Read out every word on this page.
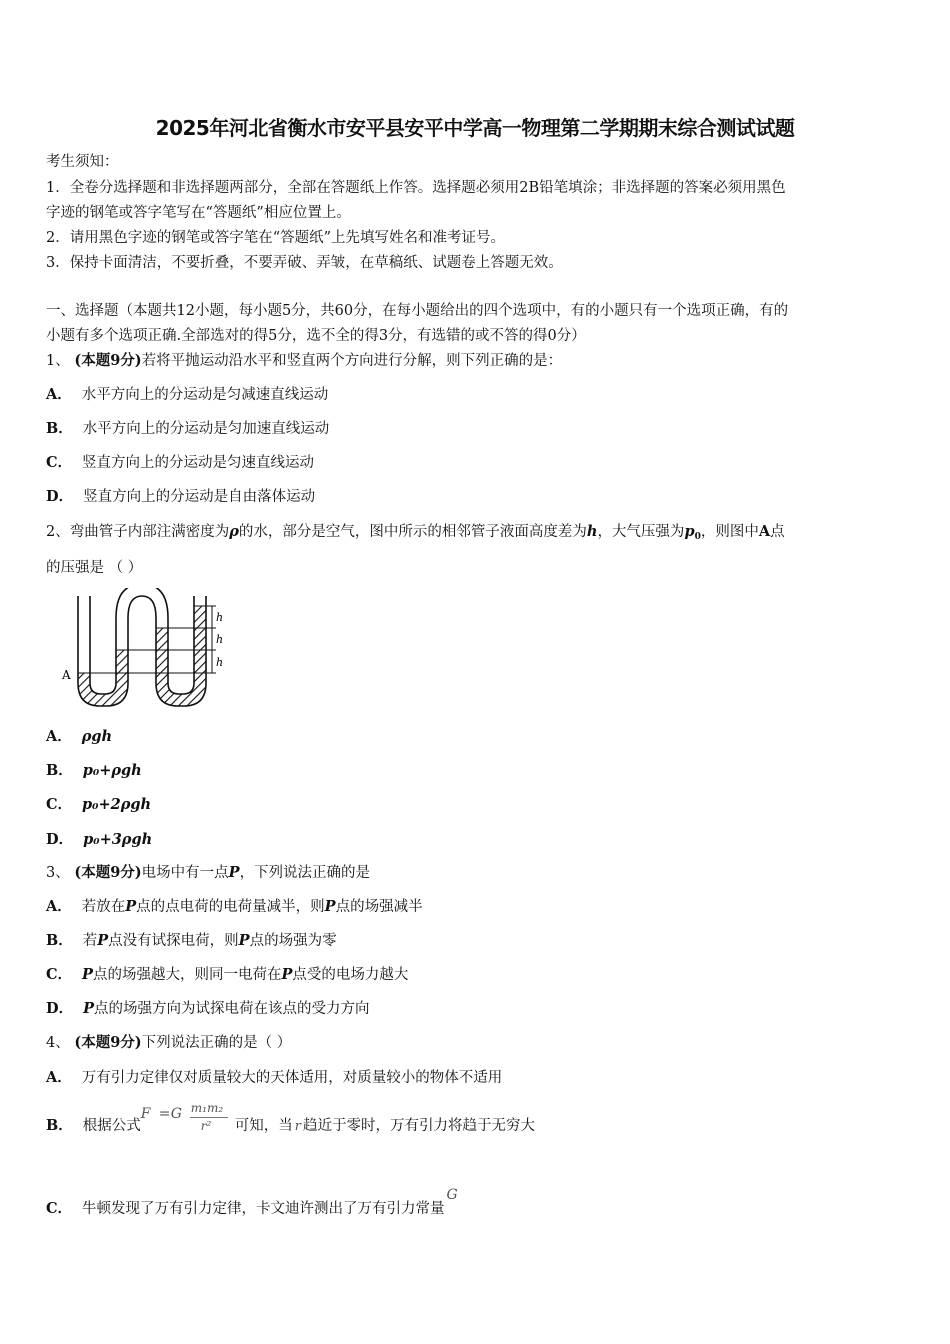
2025年河北省衡水市安平县安平中学高一物理第二学期期末综合测试试题
考生须知：
1．全卷分选择题和非选择题两部分，全部在答题纸上作答。选择题必须用2B铅笔填涂；非选择题的答案必须用黑色
字迹的钢笔或答字笔写在“答题纸”相应位置上。
2．请用黑色字迹的钢笔或答字笔在“答题纸”上先填写姓名和准考证号。
3．保持卡面清洁，不要折叠，不要弄破、弄皱，在草稿纸、试题卷上答题无效。
一、选择题（本题共12小题，每小题5分，共60分，在每小题给出的四个选项中，有的小题只有一个选项正确，有的
小题有多个选项正确.全部选对的得5分，选不全的得3分，有选错的或不答的得0分）
1、 (本题9分)若将平抛运动沿水平和竖直两个方向进行分解，则下列正确的是：
A． 水平方向上的分运动是匀减速直线运动
B． 水平方向上的分运动是匀加速直线运动
C． 竖直方向上的分运动是匀速直线运动
D． 竖直方向上的分运动是自由落体运动
2、弯曲管子内部注满密度为ρ的水，部分是空气，图中所示的相邻管子液面高度差为h，大气压强为$p_0$，则图中A点
的压强是 （ ）
A
h
h
h
A． ρgh
B． p₀+ρgh
C． p₀+2ρgh
D． p₀+3ρgh
3、 (本题9分)电场中有一点P，下列说法正确的是
A． 若放在P点的点电荷的电荷量减半，则P点的场强减半
B． 若P点没有试探电荷，则P点的场强为零
C． P点的场强越大，则同一电荷在P点受的电场力越大
D． P点的场强方向为试探电荷在该点的受力方向
4、 (本题9分)下列说法正确的是（ ）
A． 万有引力定律仅对质量较大的天体适用，对质量较小的物体不适用
B． 根据公式
F = G m₁m₂
r² 可知，当 r 趋近于零时，万有引力将趋于无穷大
C． 牛顿发现了万有引力定律，卡文迪许测出了万有引力常量G
